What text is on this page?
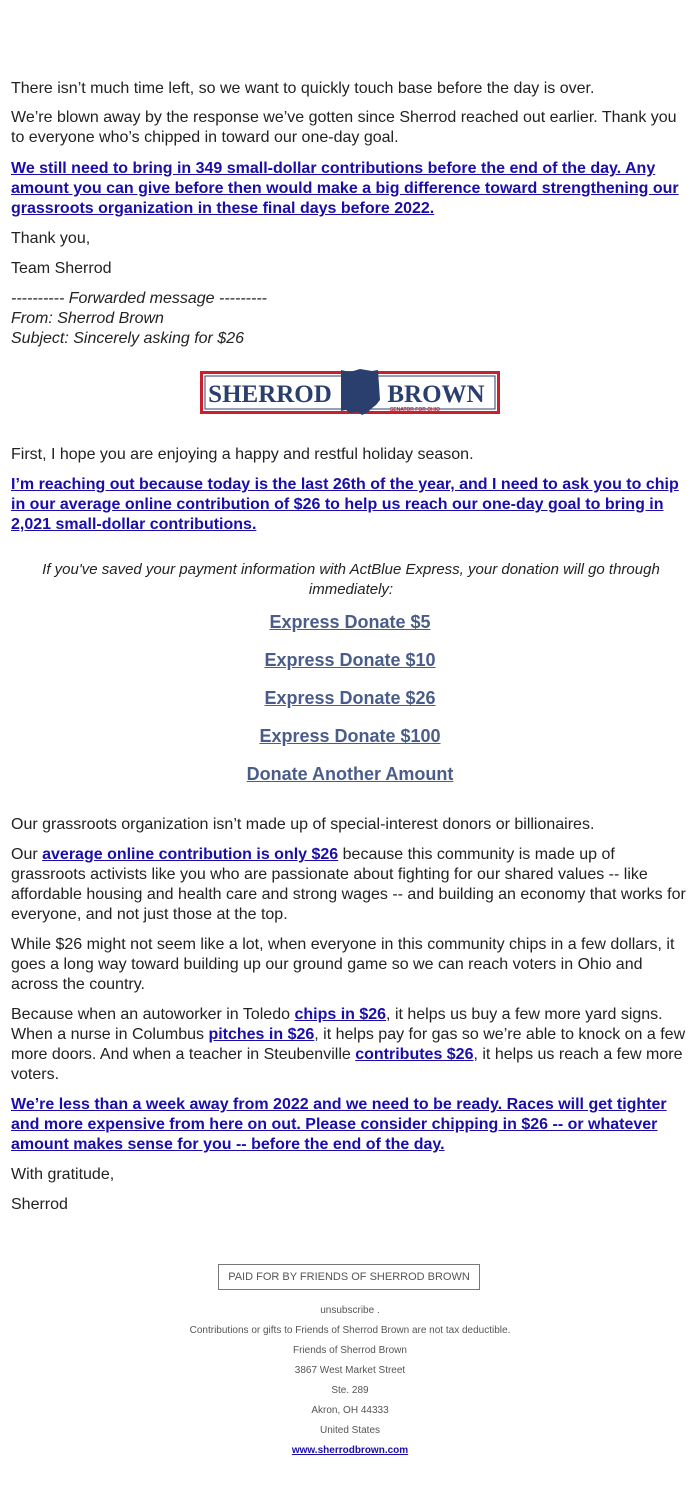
There isn’t much time left, so we want to quickly touch base before the day is over.

We’re blown away by the response we’ve gotten since Sherrod reached out earlier. Thank you to everyone who’s chipped in toward our one-day goal.

We still need to bring in 349 small-dollar contributions before the end of the day. Any amount you can give before then would make a big difference toward strengthening our grassroots organization in these final days before 2022.

Thank you,

Team Sherrod

---------- Forwarded message ---------

From: Sherrod Brown

Subject: Sincerely asking for $26

SHERROD BROWN
SENATOR FOR OHIO

First, I hope you are enjoying a happy and restful holiday season.

I’m reaching out because today is the last 26th of the year, and I need to ask you to chip in our average online contribution of $26 to help us reach our one-day goal to bring in 2,021 small-dollar contributions.

If you've saved your payment information with ActBlue Express, your donation will go through immediately:

Express Donate $5
Express Donate $10
Express Donate $26
Express Donate $100
Donate Another Amount

Our grassroots organization isn’t made up of special-interest donors or billionaires.

Our average online contribution is only $26 because this community is made up of grassroots activists like you who are passionate about fighting for our shared values -- like affordable housing and health care and strong wages -- and building an economy that works for everyone, and not just those at the top.

While $26 might not seem like a lot, when everyone in this community chips in a few dollars, it goes a long way toward building up our ground game so we can reach voters in Ohio and across the country.

Because when an autoworker in Toledo chips in $26, it helps us buy a few more yard signs. When a nurse in Columbus pitches in $26, it helps pay for gas so we’re able to knock on a few more doors. And when a teacher in Steubenville contributes $26, it helps us reach a few more voters.

We’re less than a week away from 2022 and we need to be ready. Races will get tighter and more expensive from here on out. Please consider chipping in $26 -- or whatever amount makes sense for you -- before the end of the day.

With gratitude,

Sherrod

PAID FOR BY FRIENDS OF SHERROD BROWN
unsubscribe .
Contributions or gifts to Friends of Sherrod Brown are not tax deductible.
Friends of Sherrod Brown
3867 West Market Street
Ste. 289
Akron, OH 44333
United States
www.sherrodbrown.com
